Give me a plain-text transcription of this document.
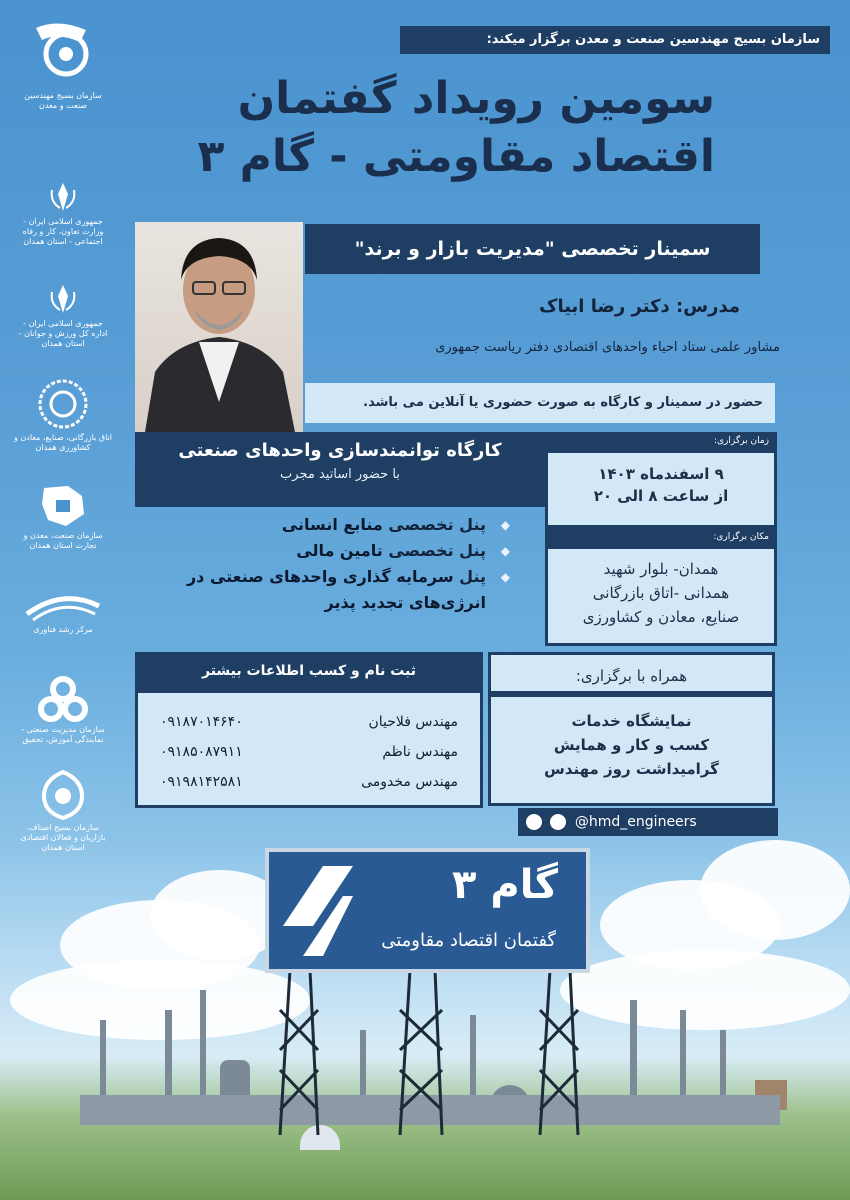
سازمان بسیج مهندسین صنعت و معدن
جمهوری اسلامی ایران - وزارت تعاون، کار و رفاه اجتماعی - استان همدان
جمهوری اسلامی ایران - اداره کل ورزش و جوانان - استان همدان
اتاق بازرگانی، صنایع، معادن و کشاورزی همدان
سازمان صنعت، معدن و تجارت استان همدان
مرکز رشد فناوری
سازمان مدیریت صنعتی - نمایندگی آموزش، تحقیق
سازمان بسیج اصناف، بازاریان و فعالان اقتصادی استان همدان
سازمان بسیج مهندسین صنعت و معدن برگزار میکند:
سومین رویداد گفتمان
اقتصاد مقاومتی - گام ۳
سمینار تخصصی "مدیریت بازار و برند"
مدرس: دکتر رضا ابیاک
مشاور علمی ستاد احیاء واحدهای اقتصادی دفتر ریاست جمهوری
حضور در سمینار و کارگاه به صورت حضوری یا آنلاین می باشد.
کارگاه توانمندسازی واحدهای صنعتی
با حضور اساتید مجرب
◆ پنل تخصصی منابع انسانی
◆ پنل تخصصی تامین مالی
◆ پنل سرمایه گذاری واحدهای صنعتی در انرژی‌های تجدید پذیر
زمان برگزاری:
۹ اسفندماه ۱۴۰۳
از ساعت ۸ الی ۲۰
مکان برگزاری:
همدان- بلوار شهید
همدانی -اتاق بازرگانی
صنایع، معادن و کشاورزی
ثبت نام و کسب اطلاعات بیشتر
۰۹۱۸۷۰۱۴۶۴۰	مهندس فلاحیان
۰۹۱۸۵۰۸۷۹۱۱	مهندس ناظم
۰۹۱۹۸۱۴۲۵۸۱	مهندس مخدومی
همراه با برگزاری:
نمایشگاه خدمات
کسب و کار و همایش
گرامیداشت روز مهندس
@hmd_engineers
گام ۳
گفتمان اقتصاد مقاومتی
